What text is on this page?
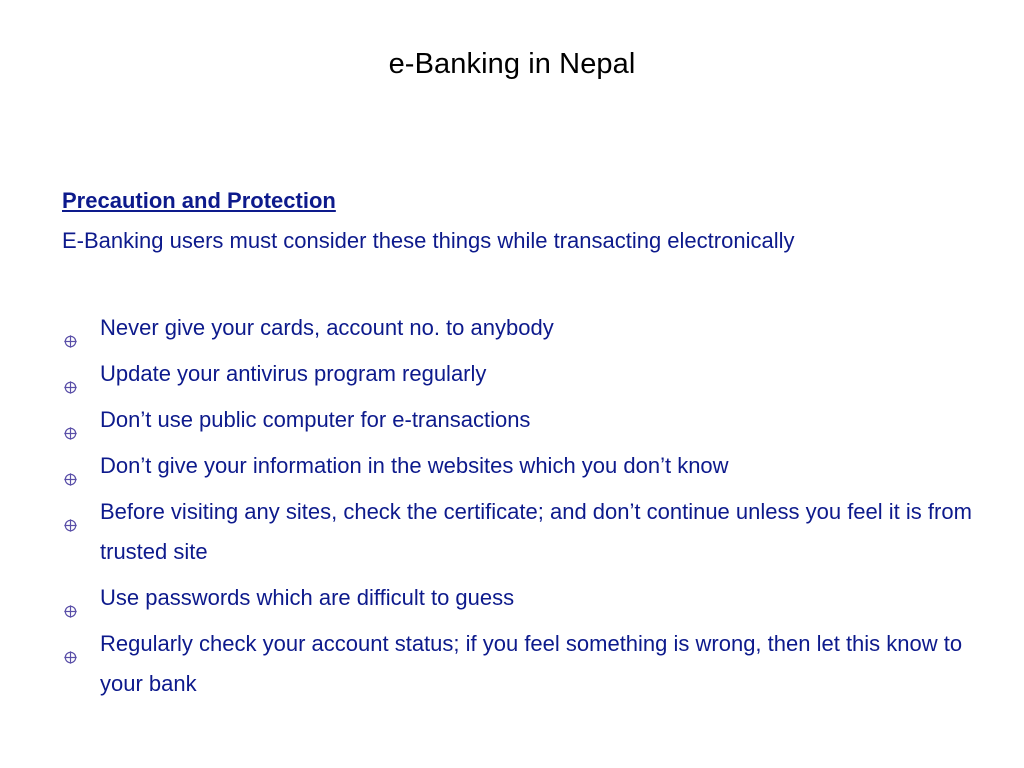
e-Banking in Nepal

Precaution and Protection

E-Banking users must consider these things while transacting electronically

Never give your cards, account no. to anybody
Update your antivirus program regularly
Don’t use public computer for e-transactions
Don’t give your information in the websites which you don’t know
Before visiting any sites, check the certificate; and don’t continue unless you feel it is from trusted site
Use passwords which are difficult to guess
Regularly check your account status; if you feel something is wrong, then let this know to your bank
